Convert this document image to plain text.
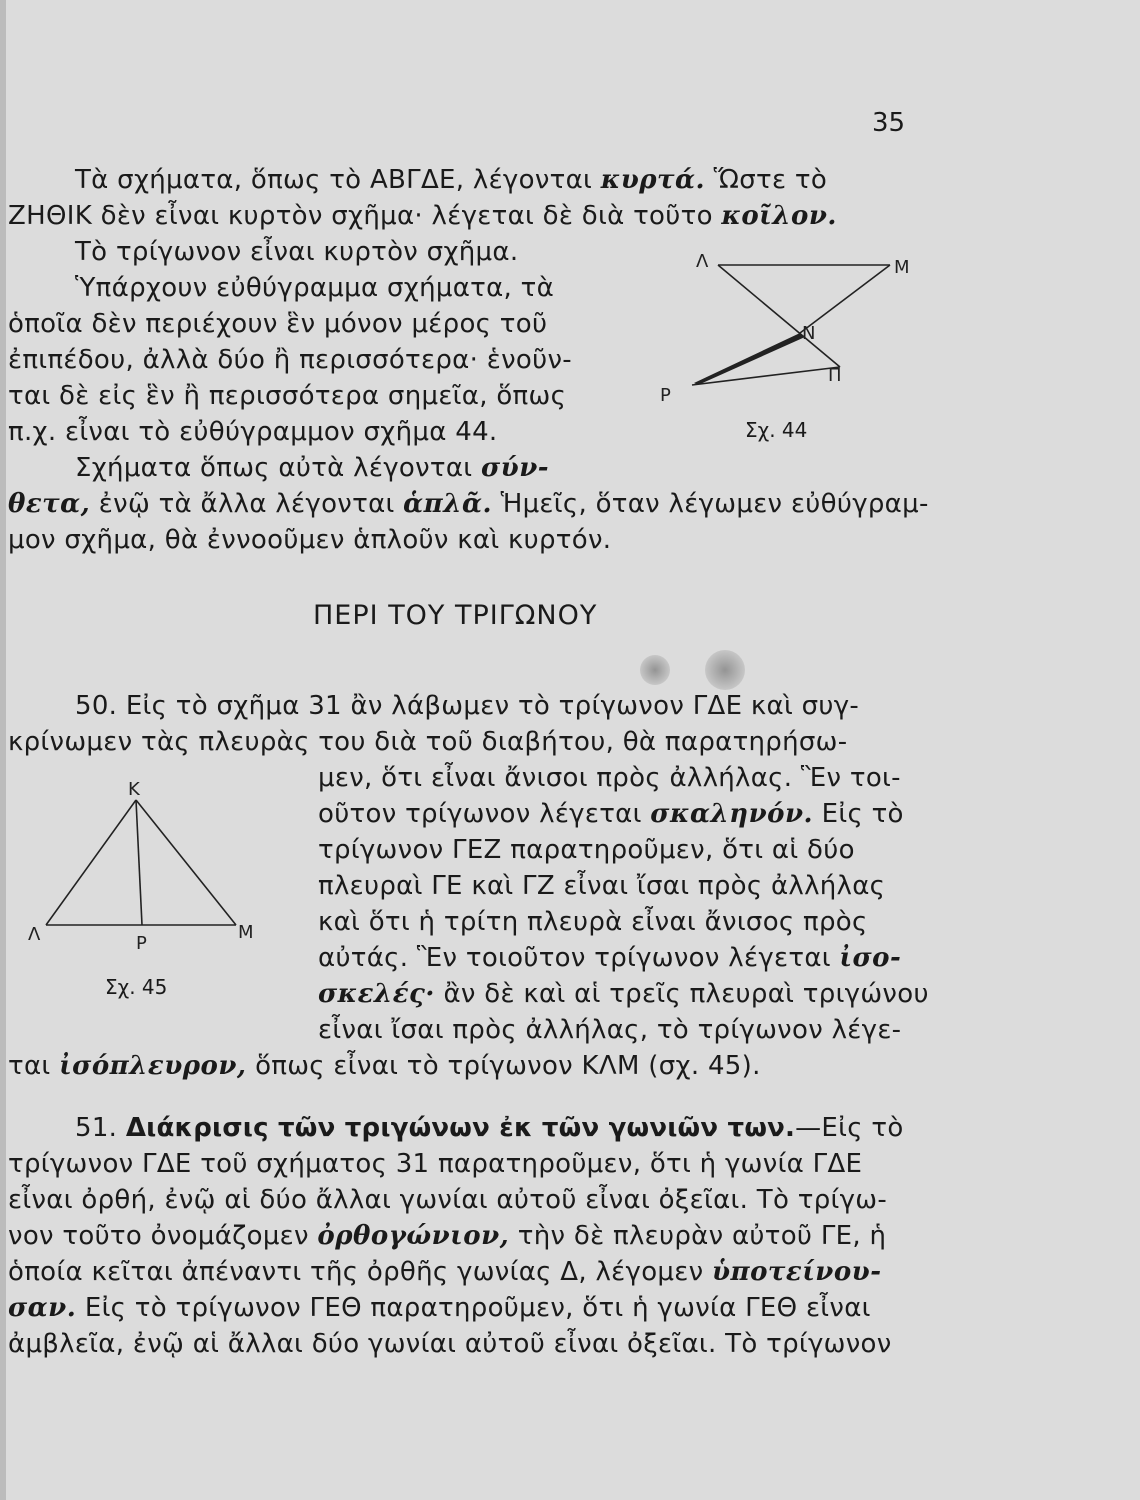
35
Τὰ σχήματα, ὅπως τὸ ΑΒΓΔΕ, λέγονται κυρτά. Ὥστε τὸ
ΖΗΘΙΚ δὲν εἶναι κυρτὸν σχῆμα· λέγεται δὲ διὰ τοῦτο κοῖλον.
Τὸ τρίγωνον εἶναι κυρτὸν σχῆμα.
Ὑπάρχουν εὐθύγραμμα σχήματα, τὰ
ὁποῖα δὲν περιέχουν ἓν μόνον μέρος τοῦ
ἐπιπέδου, ἀλλὰ δύο ἢ περισσότερα· ἑνοῦν-
ται δὲ εἰς ἓν ἢ περισσότερα σημεῖα, ὅπως
π.χ. εἶναι τὸ εὐθύγραμμον σχῆμα 44.
Σχήματα ὅπως αὐτὰ λέγονται σύν-
θετα, ἐνῷ τὰ ἄλλα λέγονται ἁπλᾶ. Ἡμεῖς, ὅταν λέγωμεν εὐθύγραμ-
μον σχῆμα, θὰ ἐννοοῦμεν ἁπλοῦν καὶ κυρτόν.
Λ	Μ
Ν
Π
Ρ
Σχ. 44
ΠΕΡΙ ΤΟΥ ΤΡΙΓΩΝΟΥ
50. Εἰς τὸ σχῆμα 31 ἂν λάβωμεν τὸ τρίγωνον ΓΔΕ καὶ συγ-
κρίνωμεν τὰς πλευρὰς του διὰ τοῦ διαβήτου, θὰ παρατηρήσω-
μεν, ὅτι εἶναι ἄνισοι πρὸς ἀλλήλας. Ἓν τοι-
οῦτον τρίγωνον λέγεται σκαληνόν. Εἰς τὸ
τρίγωνον ΓΕΖ παρατηροῦμεν, ὅτι αἱ δύο
πλευραὶ ΓΕ καὶ ΓΖ εἶναι ἴσαι πρὸς ἀλλήλας
καὶ ὅτι ἡ τρίτη πλευρὰ εἶναι ἄνισος πρὸς
αὐτάς. Ἓν τοιοῦτον τρίγωνον λέγεται ἰσο-
σκελές· ἂν δὲ καὶ αἱ τρεῖς πλευραὶ τριγώνου
εἶναι ἴσαι πρὸς ἀλλήλας, τὸ τρίγωνον λέγε-
ται ἰσόπλευρον, ὅπως εἶναι τὸ τρίγωνον ΚΛΜ (σχ. 45).
Κ
Λ	Μ
Ρ
Σχ. 45
51. Διάκρισις τῶν τριγώνων ἐκ τῶν γωνιῶν των.—Εἰς τὸ
τρίγωνον ΓΔΕ τοῦ σχήματος 31 παρατηροῦμεν, ὅτι ἡ γωνία ΓΔΕ
εἶναι ὀρθή, ἐνῷ αἱ δύο ἄλλαι γωνίαι αὐτοῦ εἶναι ὀξεῖαι. Τὸ τρίγω-
νον τοῦτο ὀνομάζομεν ὀρθογώνιον, τὴν δὲ πλευρὰν αὐτοῦ ΓΕ, ἡ
ὁποία κεῖται ἀπέναντι τῆς ὀρθῆς γωνίας Δ, λέγομεν ὑποτείνου-
σαν. Εἰς τὸ τρίγωνον ΓΕΘ παρατηροῦμεν, ὅτι ἡ γωνία ΓΕΘ εἶναι
ἀμβλεῖα, ἐνῷ αἱ ἄλλαι δύο γωνίαι αὐτοῦ εἶναι ὀξεῖαι. Τὸ τρίγωνον
